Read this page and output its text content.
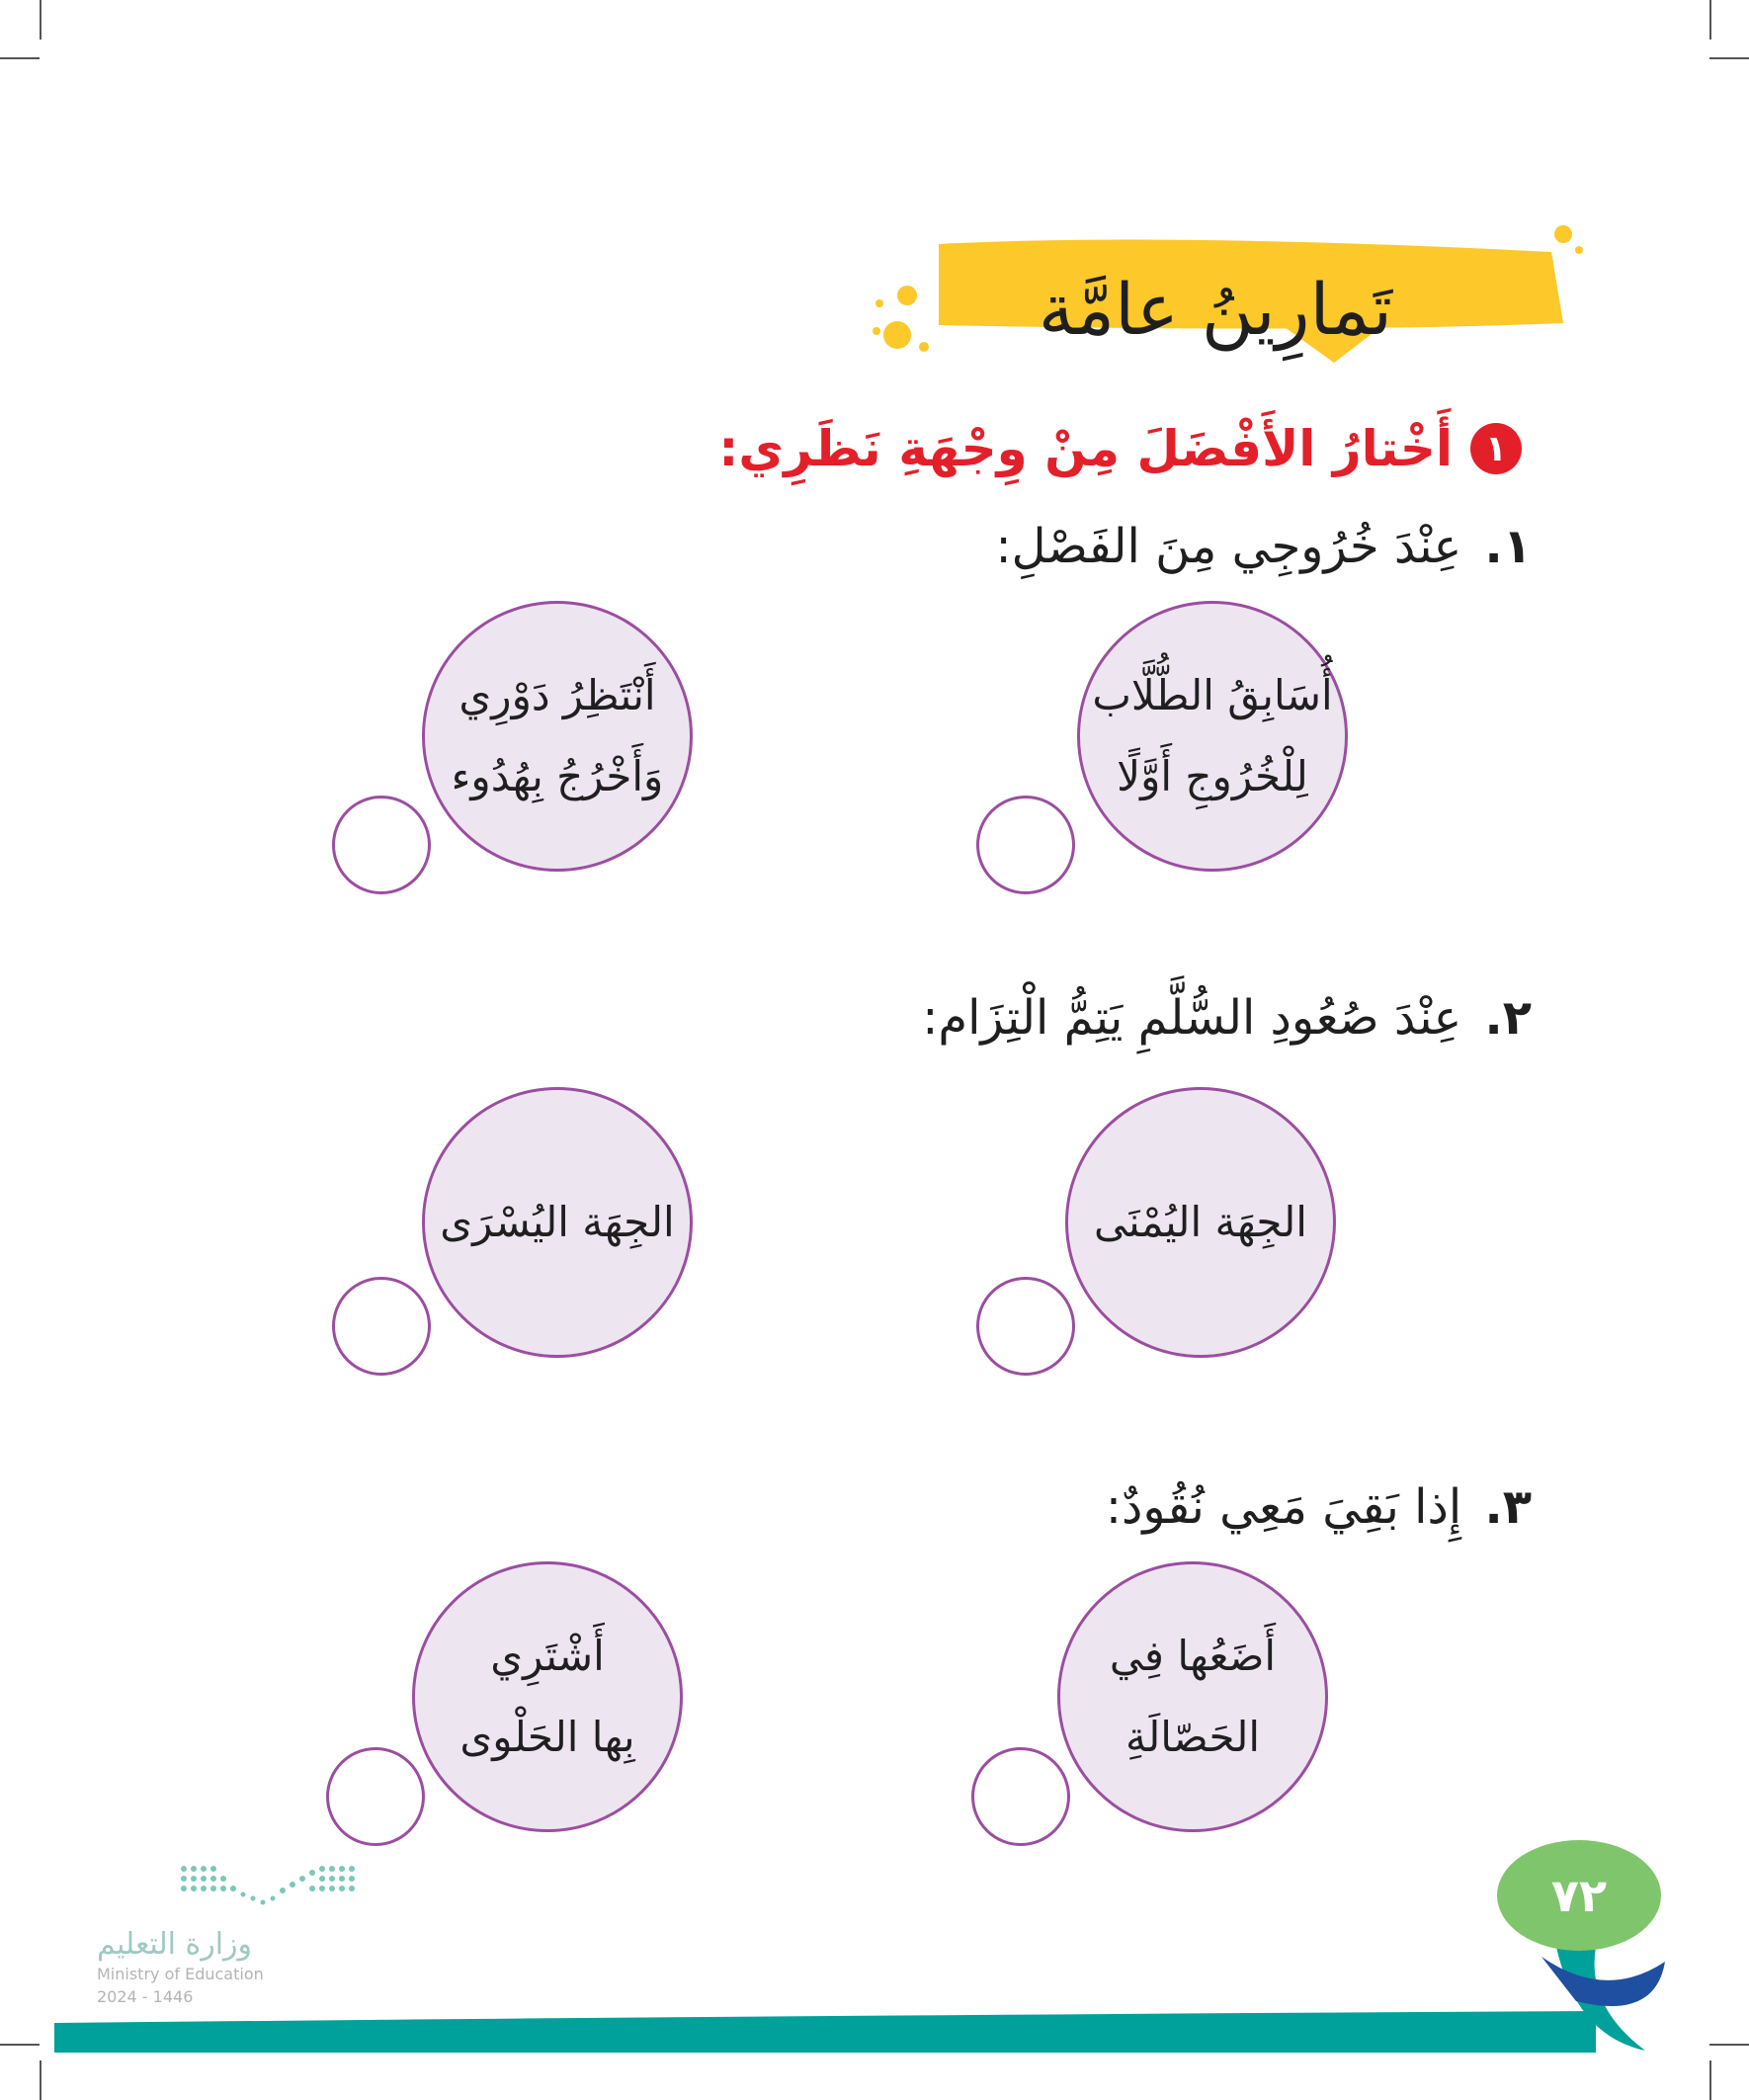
تَمارِينُ عامَّة
١
أَخْتارُ الأَفْضَلَ مِنْ وِجْهَةِ نَظَرِي:
١. عِنْدَ خُرُوجِي مِنَ الفَصْلِ:
أُسَابِقُ الطُّلَّاب
لِلْخُرُوجِ أَوَّلًا
أَنْتَظِرُ دَوْرِي
وَأَخْرُجُ بِهُدُوء
٢. عِنْدَ صُعُودِ السُّلَّمِ يَتِمُّ الْتِزَام:
الجِهَة اليُمْنَى
الجِهَة اليُسْرَى
٣. إِذا بَقِيَ مَعِي نُقُودٌ:
أَضَعُها فِي
الحَصّالَةِ
أَشْتَرِي
بِها الحَلْوى
وزارة التعليم
Ministry of Education
2024 - 1446
٧٢
